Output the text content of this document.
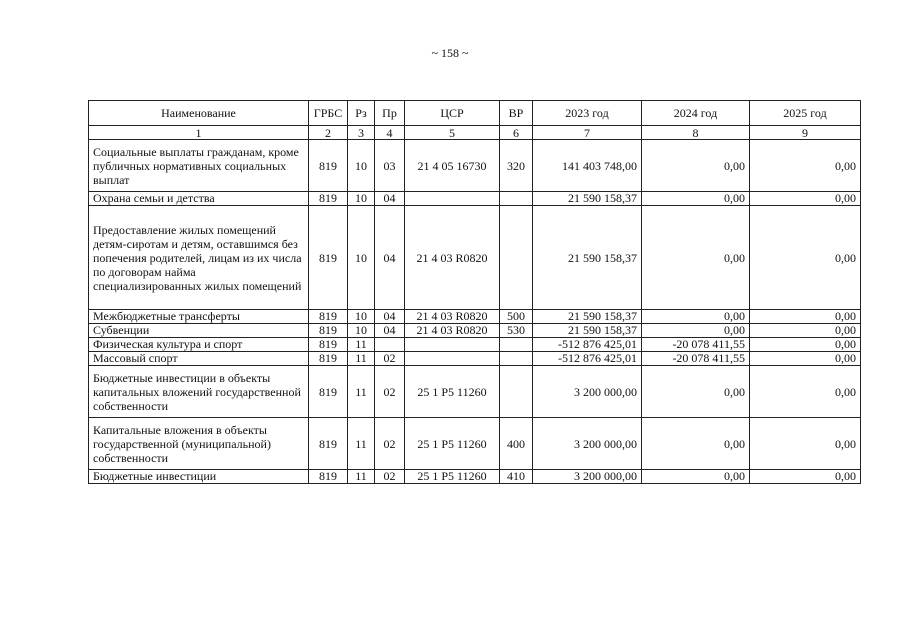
~ 158 ~
Наименование	ГРБС	Рз	Пр	ЦСР	ВР	2023 год	2024 год	2025 год
1	2	3	4	5	6	7	8	9
Социальные выплаты гражданам, кроме публичных нормативных социальных выплат	819	10	03	21 4 05 16730	320	141 403 748,00	0,00	0,00
Охрана семьи и детства	819	10	04			21 590 158,37	0,00	0,00
Предоставление жилых помещений детям-сиротам и детям, оставшимся без попечения родителей, лицам из их числа по договорам найма специализированных жилых помещений	819	10	04	21 4 03 R0820		21 590 158,37	0,00	0,00
Межбюджетные трансферты	819	10	04	21 4 03 R0820	500	21 590 158,37	0,00	0,00
Субвенции	819	10	04	21 4 03 R0820	530	21 590 158,37	0,00	0,00
Физическая культура и спорт	819	11				-512 876 425,01	-20 078 411,55	0,00
Массовый спорт	819	11	02			-512 876 425,01	-20 078 411,55	0,00
Бюджетные инвестиции в объекты капитальных вложений государственной собственности	819	11	02	25 1 P5 11260		3 200 000,00	0,00	0,00
Капитальные вложения в объекты государственной (муниципальной) собственности	819	11	02	25 1 P5 11260	400	3 200 000,00	0,00	0,00
Бюджетные инвестиции	819	11	02	25 1 P5 11260	410	3 200 000,00	0,00	0,00
